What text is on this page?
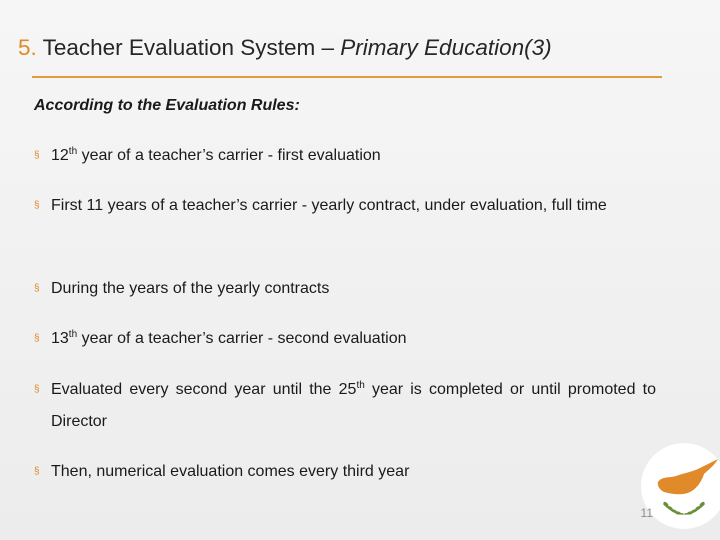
5. Teacher Evaluation System – Primary Education(3)
According to the Evaluation Rules:
§ 12th year of a teacher’s carrier - first evaluation
§ First 11 years of a teacher’s carrier - yearly contract, under evaluation, full time
§ During the years of the yearly contracts
§ 13th year of a teacher’s carrier - second evaluation
§ Evaluated every second year until the 25th year is completed or until promoted to Director
§ Then, numerical evaluation comes every third year
11
